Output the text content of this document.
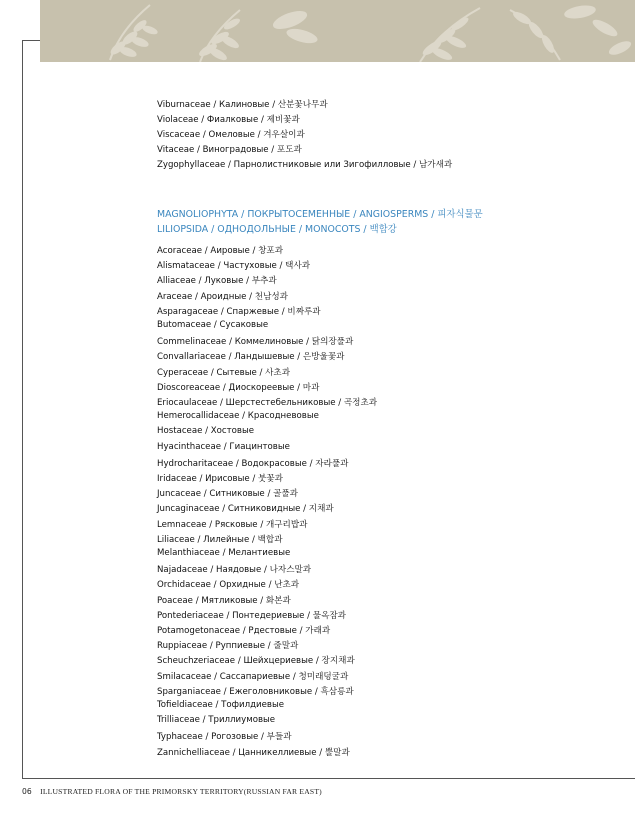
Viburnaceae / Калиновые / 산분꽃나무과
Violaceae / Фиалковые / 제비꽃과
Viscaceae / Омеловые / 겨우살이과
Vitaceae / Виноградовые / 포도과
Zygophyllaceae / Парнолистниковые или Зигофилловые / 남가새과
MAGNOLIOPHYTA / ПОКРЫТОСЕМЕННЫЕ / ANGIOSPERMS / 피자식물문
LILIOPSIDA / ОДНОДОЛЬНЫЕ / MONOCOTS / 백합강
Acoraceae / Аировые / 창포과
Alismataceae / Частуховые / 택사과
Alliaceae / Луковые / 부추과
Araceae / Ароидные / 천남성과
Asparagaceae / Спаржевые / 비짜루과
Butomaceae / Сусаковые
Commelinaceae / Коммелиновые / 닭의장풀과
Convallariaceae / Ландышевые / 은방울꽃과
Cyperaceae / Сытевые / 사초과
Dioscoreaceae / Диоскореевые / 마과
Eriocaulaceae / Шерстестебельниковые / 곡정초과
Hemerocallidaceae / Красодневовые
Hostaceae / Хостовые
Hyacinthaceae / Гиацинтовые
Hydrocharitaceae / Водокрасовые / 자라풀과
Iridaceae / Ирисовые / 붓꽃과
Juncaceae / Ситниковые / 골풀과
Juncaginaceae / Ситниковидные / 지채과
Lemnaceae / Рясковые / 개구리밥과
Liliaceae / Лилейные / 백합과
Melanthiaceae / Мелантиевые
Najadaceae / Наядовые / 나자스말과
Orchidaceae / Орхидные / 난초과
Poaceae / Мятликовые / 화본과
Pontederiaceae / Понтедериевые / 물옥잠과
Potamogetonaceae / Рдестовые / 가래과
Ruppiaceae / Руппиевые / 줄말과
Scheuchzeriaceae / Шейхцериевые / 장지채과
Smilacaceae / Сассапариевые / 청미래덩굴과
Sparganiaceae / Ежеголовниковые / 흑삼릉과
Tofieldiaceae / Тофилдиевые
Trilliaceae / Триллиумовые
Typhaceae / Рогозовые / 부들과
Zannichelliaceae / Цанникеллиевые / 뿔말과
06 ILLUSTRATED FLORA OF THE PRIMORSKY TERRITORY(RUSSIAN FAR EAST)
